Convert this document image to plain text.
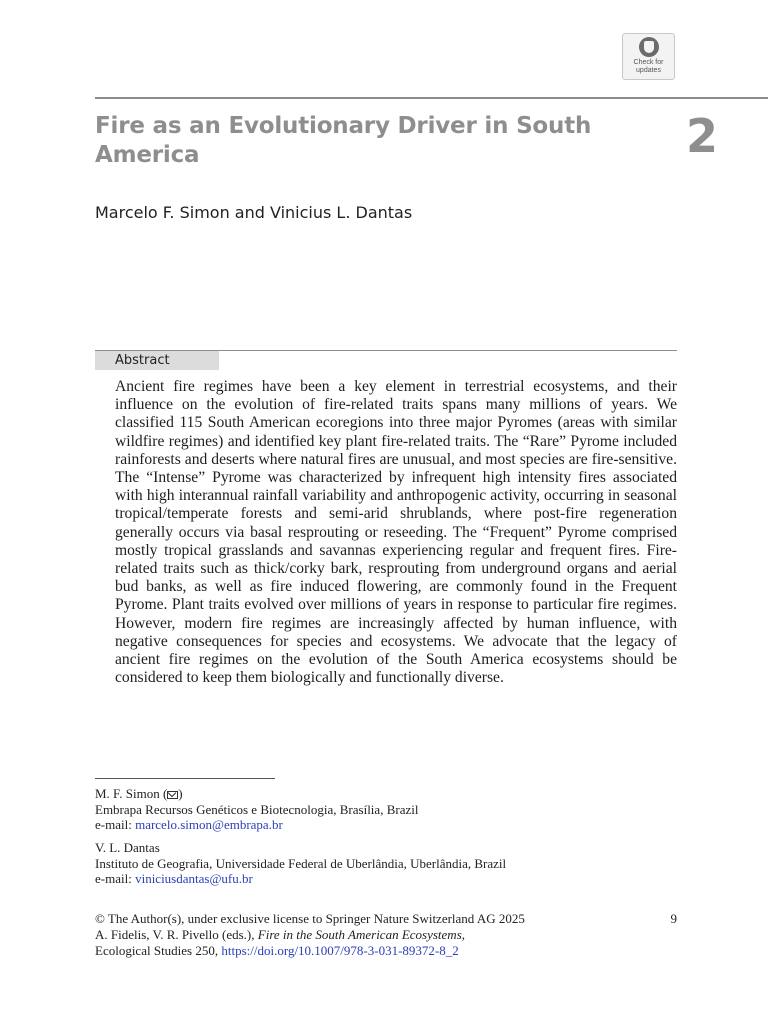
Check for updates
Fire as an Evolutionary Driver in South America	2

Marcelo F. Simon and Vinicius L. Dantas

Abstract

Ancient fire regimes have been a key element in terrestrial ecosystems, and their influence on the evolution of fire-related traits spans many millions of years. We classified 115 South American ecoregions into three major Pyromes (areas with similar wildfire regimes) and identified key plant fire-related traits. The “Rare” Pyrome included rainforests and deserts where natural fires are unusual, and most species are fire-sensitive. The “Intense” Pyrome was characterized by infrequent high intensity fires associated with high interannual rainfall variability and anthropogenic activity, occurring in seasonal tropical/temperate forests and semi-arid shrublands, where post-fire regeneration generally occurs via basal resprouting or reseeding. The “Frequent” Pyrome comprised mostly tropical grasslands and savannas experiencing regular and frequent fires. Fire-related traits such as thick/corky bark, resprouting from underground organs and aerial bud banks, as well as fire induced flowering, are commonly found in the Frequent Pyrome. Plant traits evolved over millions of years in response to particular fire regimes. However, modern fire regimes are increasingly affected by human influence, with negative consequences for species and ecosystems. We advocate that the legacy of ancient fire regimes on the evolution of the South America ecosystems should be considered to keep them biologically and functionally diverse.

M. F. Simon ( )
Embrapa Recursos Genéticos e Biotecnologia, Brasília, Brazil
e-mail: marcelo.simon@embrapa.br
V. L. Dantas
Instituto de Geografia, Universidade Federal de Uberlândia, Uberlândia, Brazil
e-mail: viniciusdantas@ufu.br
9
© The Author(s), under exclusive license to Springer Nature Switzerland AG 2025
A. Fidelis, V. R. Pivello (eds.), Fire in the South American Ecosystems,
Ecological Studies 250, https://doi.org/10.1007/978-3-031-89372-8_2
